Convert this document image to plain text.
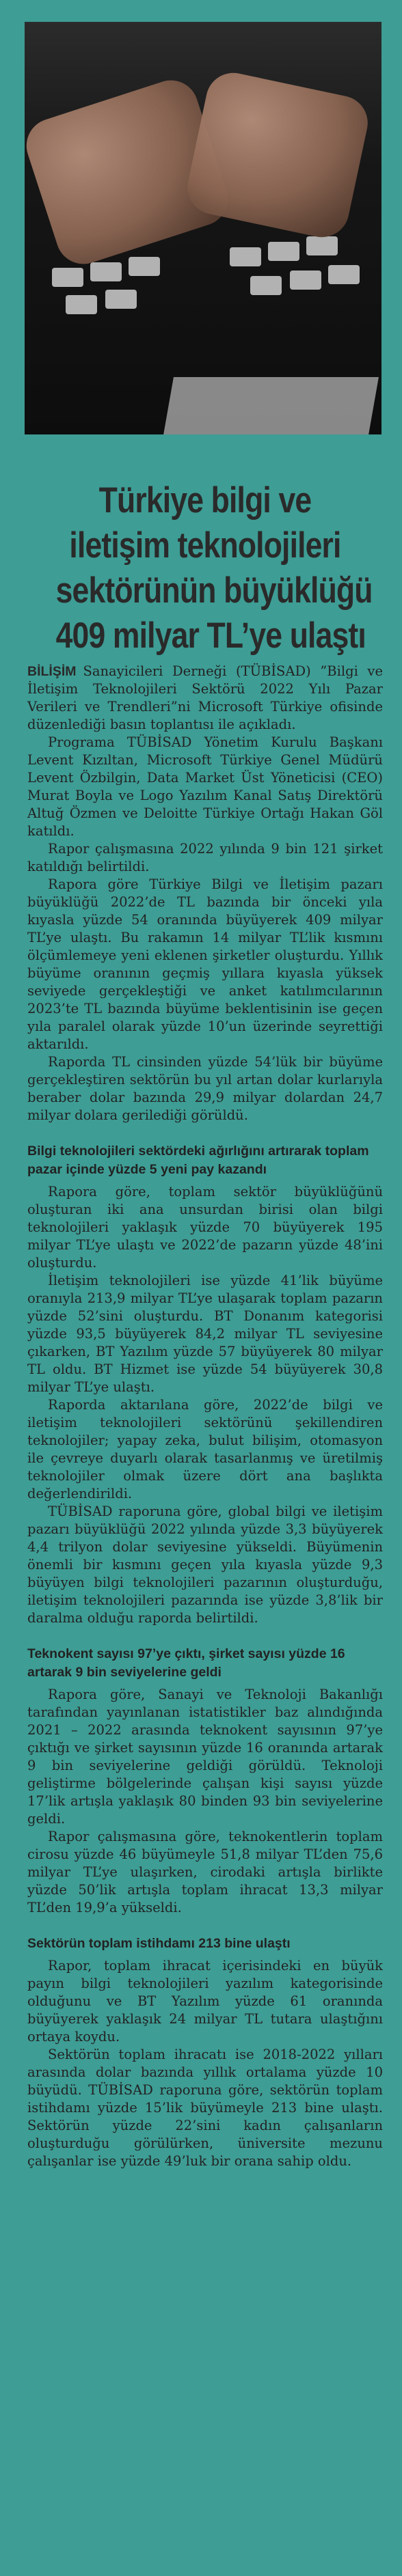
Türkiye bilgi ve
iletişim teknolojileri
sektörünün büyüklüğü
409 milyar TL’ye ulaştı

BİLİŞİM Sanayicileri Derneği (TÜBİSAD) ”Bilgi ve İletişim Teknolojileri Sektörü 2022 Yılı Pazar Verileri ve Trendleri”ni Microsoft Türkiye ofisinde düzenlediği basın toplantısı ile açıkladı.

Programa TÜBİSAD Yönetim Kurulu Başkanı Levent Kızıltan, Microsoft Türkiye Genel Müdürü Levent Özbilgin, Data Market Üst Yöneticisi (CEO) Murat Boyla ve Logo Yazılım Kanal Satış Direktörü Altuğ Özmen ve Deloitte Türkiye Ortağı Hakan Göl katıldı.

Rapor çalışmasına 2022 yılında 9 bin 121 şirket katıldığı belirtildi.

Rapora göre Türkiye Bilgi ve İletişim pazarı büyüklüğü 2022’de TL bazında bir önceki yıla kıyasla yüzde 54 oranında büyüyerek 409 milyar TL’ye ulaştı. Bu rakamın 14 milyar TL’lik kısmını ölçümlemeye yeni eklenen şirketler oluşturdu. Yıllık büyüme oranının geçmiş yıllara kıyasla yüksek seviyede gerçekleştiği ve anket katılımcılarının 2023’te TL bazında büyüme beklentisinin ise geçen yıla paralel olarak yüzde 10’un üzerinde seyrettiği aktarıldı.

Raporda TL cinsinden yüzde 54’lük bir büyüme gerçekleştiren sektörün bu yıl artan dolar kurlarıyla beraber dolar bazında 29,9 milyar dolardan 24,7 milyar dolara gerilediği görüldü.

Bilgi teknolojileri sektördeki ağırlığını artırarak toplam pazar içinde yüzde 5 yeni pay kazandı

Rapora göre, toplam sektör büyüklüğünü oluşturan iki ana unsurdan birisi olan bilgi teknolojileri yaklaşık yüzde 70 büyüyerek 195 milyar TL’ye ulaştı ve 2022’de pazarın yüzde 48’ini oluşturdu.

İletişim teknolojileri ise yüzde 41’lik büyüme oranıyla 213,9 milyar TL’ye ulaşarak toplam pazarın yüzde 52’sini oluşturdu. BT Donanım kategorisi yüzde 93,5 büyüyerek 84,2 milyar TL seviyesine çıkarken, BT Yazılım yüzde 57 büyüyerek 80 milyar TL oldu. BT Hizmet ise yüzde 54 büyüyerek 30,8 milyar TL’ye ulaştı.

Raporda aktarılana göre, 2022’de bilgi ve iletişim teknolojileri sektörünü şekillendiren teknolojiler; yapay zeka, bulut bilişim, otomasyon ile çevreye duyarlı olarak tasarlanmış ve üretilmiş teknolojiler olmak üzere dört ana başlıkta değerlendirildi.

TÜBİSAD raporuna göre, global bilgi ve iletişim pazarı büyüklüğü 2022 yılında yüzde 3,3 büyüyerek 4,4 trilyon dolar seviyesine yükseldi. Büyümenin önemli bir kısmını geçen yıla kıyasla yüzde 9,3 büyüyen bilgi teknolojileri pazarının oluşturduğu, iletişim teknolojileri pazarında ise yüzde 3,8’lik bir daralma olduğu raporda belirtildi.

Teknokent sayısı 97’ye çıktı, şirket sayısı yüzde 16 artarak 9 bin seviyelerine geldi

Rapora göre, Sanayi ve Teknoloji Bakanlığı tarafından yayınlanan istatistikler baz alındığında 2021 – 2022 arasında teknokent sayısının 97’ye çıktığı ve şirket sayısının yüzde 16 oranında artarak 9 bin seviyelerine geldiği görüldü. Teknoloji geliştirme bölgelerinde çalışan kişi sayısı yüzde 17’lik artışla yaklaşık 80 binden 93 bin seviyelerine geldi.

Rapor çalışmasına göre, teknokentlerin toplam cirosu yüzde 46 büyümeyle 51,8 milyar TL’den 75,6 milyar TL’ye ulaşırken, cirodaki artışla birlikte yüzde 50’lik artışla toplam ihracat 13,3 milyar TL’den 19,9’a yükseldi.

Sektörün toplam istihdamı 213 bine ulaştı

Rapor, toplam ihracat içerisindeki en büyük payın bilgi teknolojileri yazılım kategorisinde olduğunu ve BT Yazılım yüzde 61 oranında büyüyerek yaklaşık 24 milyar TL tutara ulaştığını ortaya koydu.

Sektörün toplam ihracatı ise 2018-2022 yılları arasında dolar bazında yıllık ortalama yüzde 10 büyüdü. TÜBİSAD raporuna göre, sektörün toplam istihdamı yüzde 15’lik büyümeyle 213 bine ulaştı. Sektörün yüzde 22’sini kadın çalışanların oluşturduğu görülürken, üniversite mezunu çalışanlar ise yüzde 49’luk bir orana sahip oldu.
